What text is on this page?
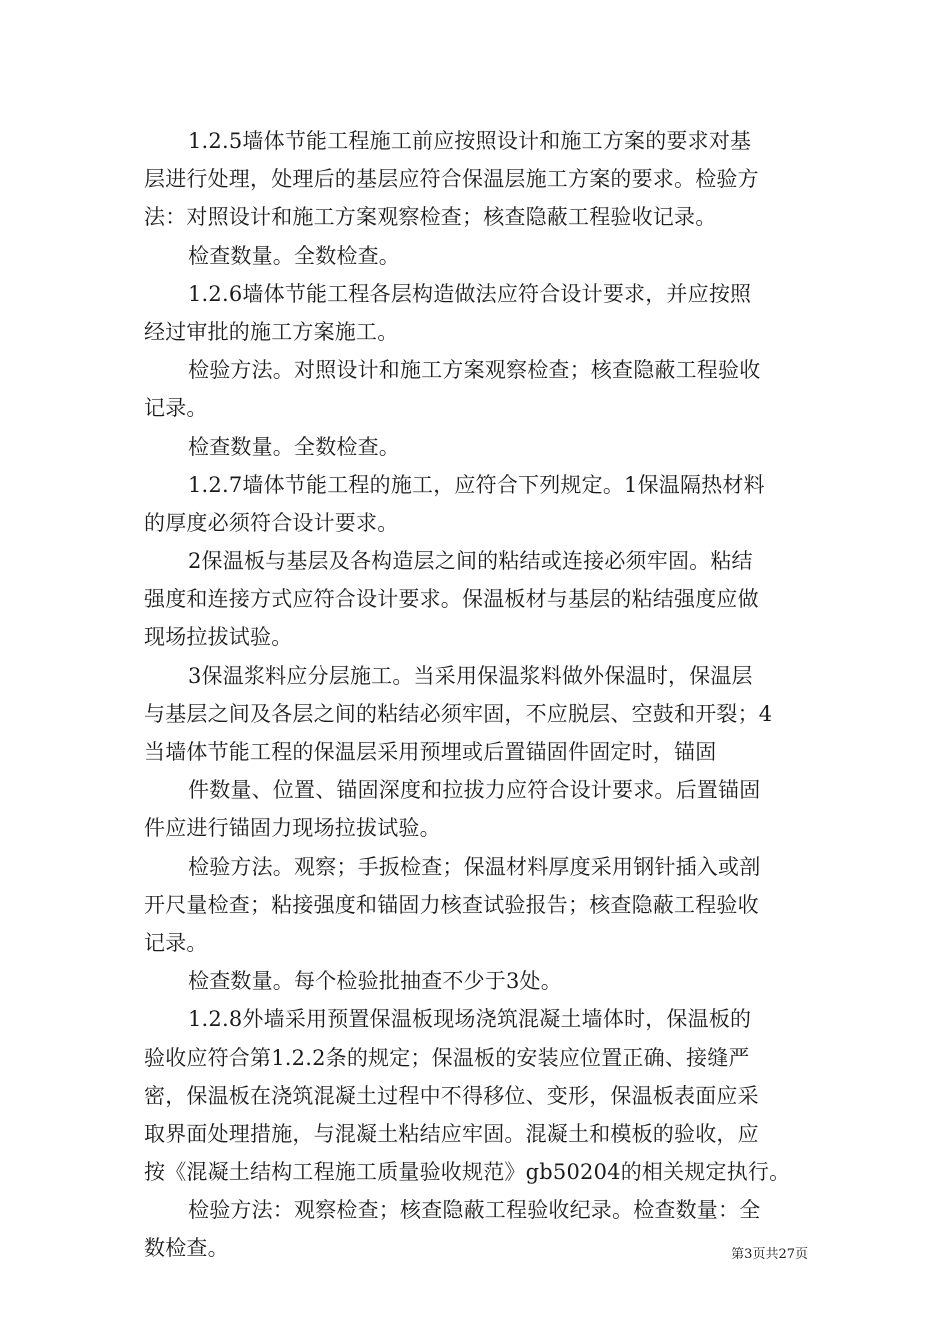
1.2.5墙体节能工程施工前应按照设计和施工方案的要求对基
层进行处理，处理后的基层应符合保温层施工方案的要求。检验方
法：对照设计和施工方案观察检查；核查隐蔽工程验收记录。
检查数量。全数检查。
1.2.6墙体节能工程各层构造做法应符合设计要求，并应按照
经过审批的施工方案施工。
检验方法。对照设计和施工方案观察检查；核查隐蔽工程验收
记录。
检查数量。全数检查。
1.2.7墙体节能工程的施工，应符合下列规定。1保温隔热材料
的厚度必须符合设计要求。
2保温板与基层及各构造层之间的粘结或连接必须牢固。粘结
强度和连接方式应符合设计要求。保温板材与基层的粘结强度应做
现场拉拔试验。
3保温浆料应分层施工。当采用保温浆料做外保温时，保温层
与基层之间及各层之间的粘结必须牢固，不应脱层、空鼓和开裂；4
当墙体节能工程的保温层采用预埋或后置锚固件固定时，锚固
件数量、位置、锚固深度和拉拔力应符合设计要求。后置锚固
件应进行锚固力现场拉拔试验。
检验方法。观察；手扳检查；保温材料厚度采用钢针插入或剖
开尺量检查；粘接强度和锚固力核查试验报告；核查隐蔽工程验收
记录。
检查数量。每个检验批抽查不少于3处。
1.2.8外墙采用预置保温板现场浇筑混凝土墙体时，保温板的
验收应符合第1.2.2条的规定；保温板的安装应位置正确、接缝严
密，保温板在浇筑混凝土过程中不得移位、变形，保温板表面应采
取界面处理措施，与混凝土粘结应牢固。混凝土和模板的验收，应
按《混凝土结构工程施工质量验收规范》gb50204的相关规定执行。
检验方法：观察检查；核查隐蔽工程验收纪录。检查数量：全
数检查。	第3页共27页
